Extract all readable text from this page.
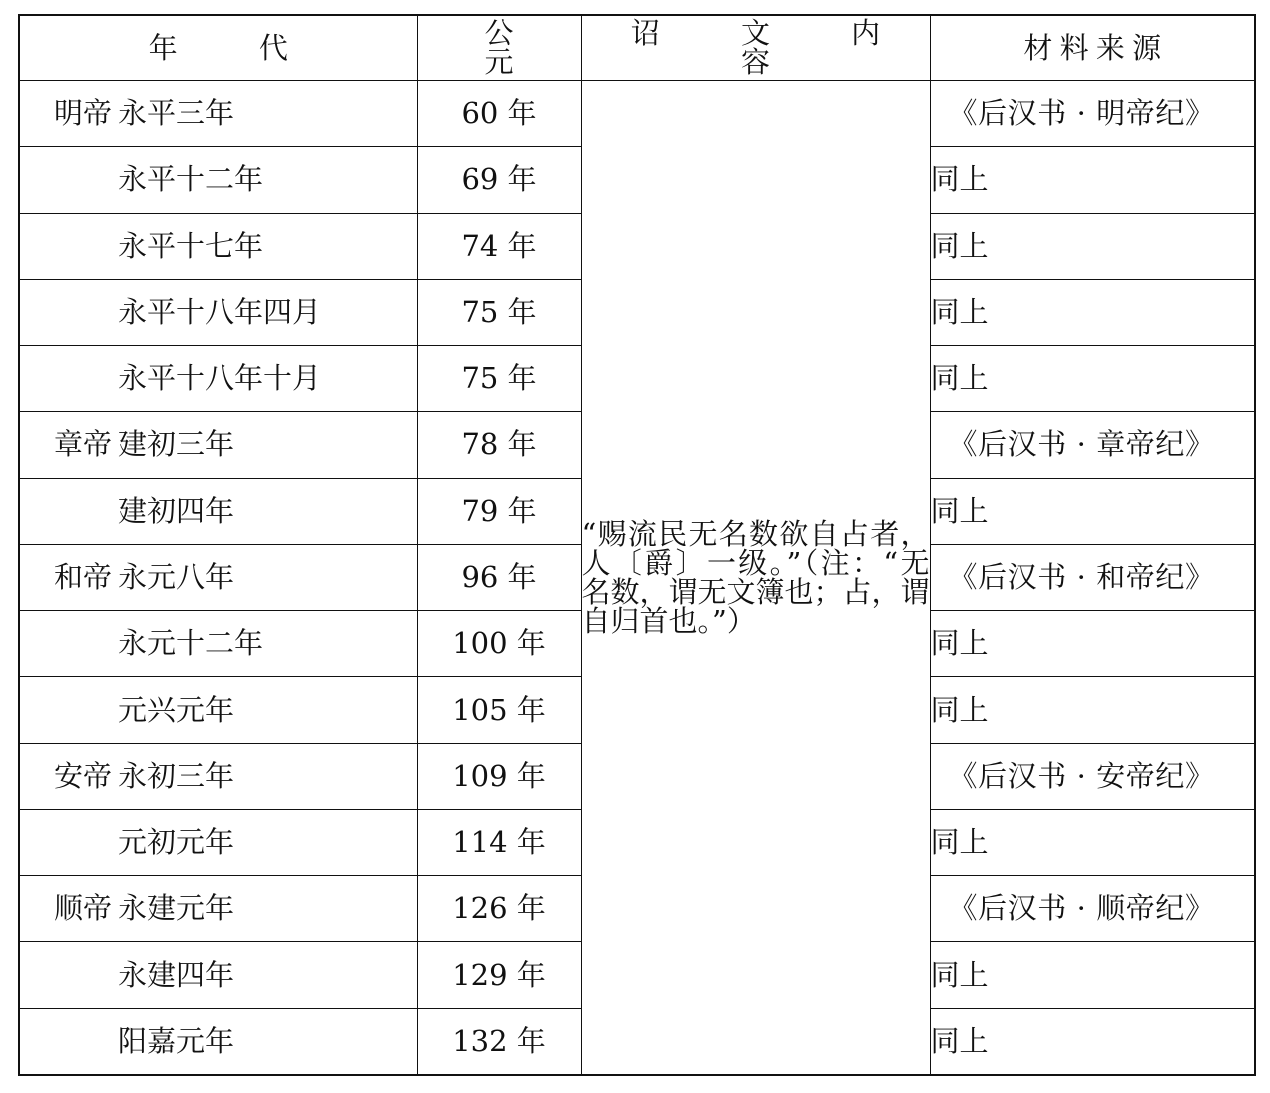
年　代	公　元	诏　文　内　容	材料来源
明帝 永平三年	60 年	“赐流民无名数欲自占者，人〔爵〕一级。”（注：“无名数，谓无文簿也；占，谓自归首也。”）	《后汉书 · 明帝纪》
永平十二年	69 年		同上
永平十七年	74 年		同上
永平十八年四月	75 年		同上
永平十八年十月	75 年		同上
章帝 建初三年	78 年		《后汉书 · 章帝纪》
建初四年	79 年		同上
和帝 永元八年	96 年		《后汉书 · 和帝纪》
永元十二年	100 年		同上
元兴元年	105 年		同上
安帝 永初三年	109 年		《后汉书 · 安帝纪》
元初元年	114 年		同上
顺帝 永建元年	126 年		《后汉书 · 顺帝纪》
永建四年	129 年		同上
阳嘉元年	132 年		同上
